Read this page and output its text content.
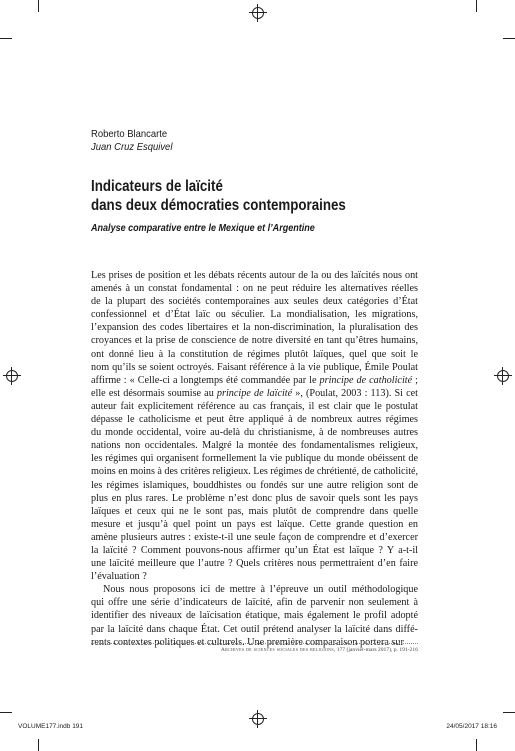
Roberto Blancarte
Juan Cruz Esquivel
Indicateurs de laïcité
dans deux démocraties contemporaines
Analyse comparative entre le Mexique et l’Argentine
Les prises de position et les débats récents autour de la ou des laïcités nous ont
amenés à un constat fondamental : on ne peut réduire les alternatives réelles
de la plupart des sociétés contemporaines aux seules deux catégories d’État
confessionnel et d’État laïc ou séculier. La mondialisation, les migrations,
l’expansion des codes libertaires et la non-discrimination, la pluralisation des
croyances et la prise de conscience de notre diversité en tant qu’êtres humains,
ont donné lieu à la constitution de régimes plutôt laïques, quel que soit le
nom qu’ils se soient octroyés. Faisant référence à la vie publique, Émile Poulat
affirme : « Celle-ci a longtemps été commandée par le principe de catholicité ;
elle est désormais soumise au principe de laïcité », (Poulat, 2003 : 113). Si cet
auteur fait explicitement référence au cas français, il est clair que le postulat
dépasse le catholicisme et peut être appliqué à de nombreux autres régimes
du monde occidental, voire au-delà du christianisme, à de nombreuses autres
nations non occidentales. Malgré la montée des fondamentalismes religieux,
les régimes qui organisent formellement la vie publique du monde obéissent de
moins en moins à des critères religieux. Les régimes de chrétienté, de catholicité,
les régimes islamiques, bouddhistes ou fondés sur une autre religion sont de
plus en plus rares. Le problème n’est donc plus de savoir quels sont les pays
laïques et ceux qui ne le sont pas, mais plutôt de comprendre dans quelle
mesure et jusqu’à quel point un pays est laïque. Cette grande question en
amène plusieurs autres : existe-t-il une seule façon de comprendre et d’exercer
la laïcité ? Comment pouvons-nous affirmer qu’un État est laïque ? Y a-t-il
une laïcité meilleure que l’autre ? Quels critères nous permettraient d’en faire
l’évaluation ?
Nous nous proposons ici de mettre à l’épreuve un outil méthodologique
qui offre une série d’indicateurs de laïcité, afin de parvenir non seulement à
identifier des niveaux de laïcisation étatique, mais également le profil adopté
par la laïcité dans chaque État. Cet outil prétend analyser la laïcité dans diffé-
rents contextes politiques et culturels. Une première comparaison portera sur
Archives de sciences sociales des religions, 177 (janvier-mars 2017), p. 191-216
VOLUME177.indb 191	24/05/2017 18:16
